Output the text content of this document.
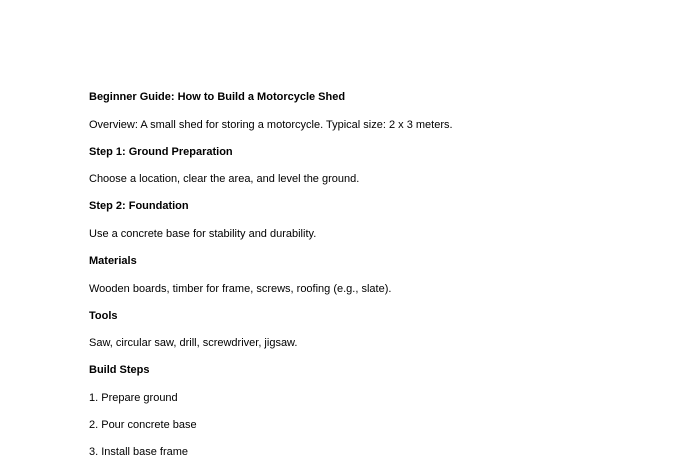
Beginner Guide: How to Build a Motorcycle Shed

Overview: A small shed for storing a motorcycle. Typical size: 2 x 3 meters.

Step 1: Ground Preparation

Choose a location, clear the area, and level the ground.

Step 2: Foundation

Use a concrete base for stability and durability.

Materials

Wooden boards, timber for frame, screws, roofing (e.g., slate).

Tools

Saw, circular saw, drill, screwdriver, jigsaw.

Build Steps

1. Prepare ground

2. Pour concrete base

3. Install base frame
